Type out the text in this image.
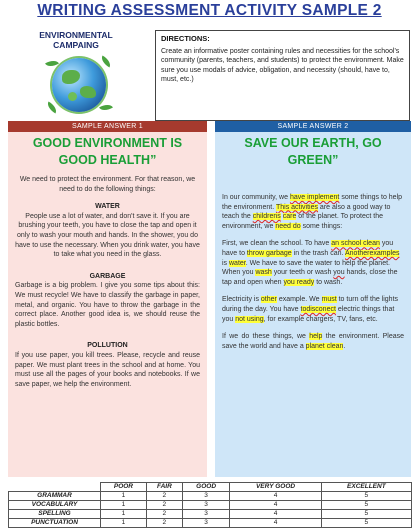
WRITING ASSESSMENT ACTIVITY SAMPLE 2
ENVIRONMENTAL CAMPAING
DIRECTIONS:
Create an informative poster containing rules and necessities for the school's community (parents, teachers, and students) to protect the environment. Make sure you use modals of advice, obligation, and necessity (should, have to, must, etc.)
SAMPLE ANSWER 1
GOOD ENVIRONMENT IS GOOD HEALTH”

We need to protect the environment. For that reason, we need to do the following things:

WATER

People use a lot of water, and don't save it. If you are brushing your teeth, you have to close the tap and open it only to wash your mouth and hands. In the shower, you do have to use the necessary. When you drink water, you have to take what you need in the glass.

GARBAGE

Garbage is a big problem. I give you some tips about this: We must recycle! We have to classify the garbage in paper, metal, and organic. You have to throw the garbage in the correct place. Another good idea is, we should reuse the plastic bottles.

POLLUTION

If you use paper, you kill trees. Please, recycle and reuse paper. We must plant trees in the school and at home. You must use all the pages of your books and notebooks. If we save paper, we help the environment.

SAMPLE ANSWER 2
SAVE OUR EARTH, GO GREEN”

In our community, we have implement some things to help the environment. This activities are also a good way to teach the childrens care of the planet. To protect the environment, we need do some things:

First, we clean the school. To have an school clean you have to throw garbage in the trash can. Anotherexamples is water. We have to save the water to help the planet. When you wash your teeth or wash you hands, close the tap and open when you ready to wash.

Electricity is other example. We must to turn off the lights during the day. You have todisconect electric things that you not using, for example chargers, TV, fans, etc.

If we do these things, we help the environment. Please save the world and have a planet clean.

	POOR	FAIR	GOOD	VERY GOOD	EXCELLENT
GRAMMAR	1	2	3	4	5
VOCABULARY	1	2	3	4	5
SPELLING	1	2	3	4	5
PUNCTUATION	1	2	3	4	5
